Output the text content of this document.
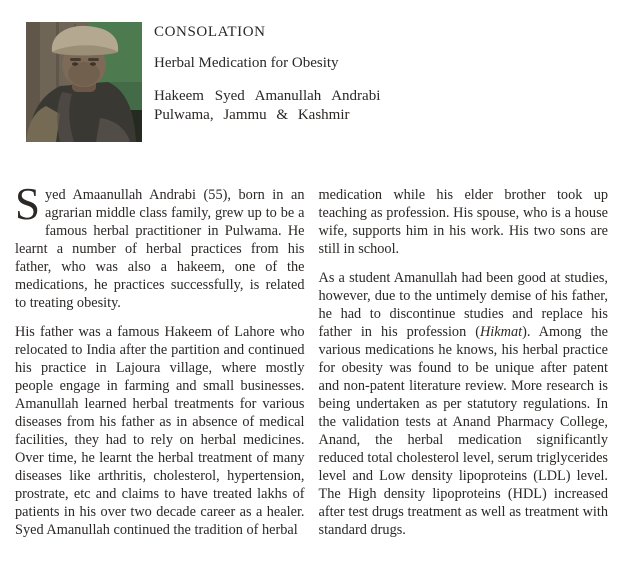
CONSOLATION
Herbal Medication for Obesity
Hakeem Syed Amanullah Andrabi
Pulwama, Jammu & Kashmir

Syed Amaanullah Andrabi (55), born in an agrarian middle class family, grew up to be a famous herbal practitioner in Pulwama. He learnt a number of herbal practices from his father, who was also a hakeem, one of the medications, he practices successfully, is related to treating obesity.

His father was a famous Hakeem of Lahore who relocated to India after the partition and continued his practice in Lajoura village, where mostly people engage in farming and small businesses. Amanullah learned herbal treatments for various diseases from his father as in absence of medical facilities, they had to rely on herbal medicines. Over time, he learnt the herbal treatment of many diseases like arthritis, cholesterol, hypertension, prostrate, etc and claims to have treated lakhs of patients in his over two decade career as a healer. Syed Amanullah continued the tradition of herbal

medication while his elder brother took up teaching as profession. His spouse, who is a house wife, supports him in his work. His two sons are still in school.

As a student Amanullah had been good at studies, however, due to the untimely demise of his father, he had to discontinue studies and replace his father in his profession (Hikmat). Among the various medications he knows, his herbal practice for obesity was found to be unique after patent and non-patent literature review. More research is being undertaken as per statutory regulations. In the validation tests at Anand Pharmacy College, Anand, the herbal medication significantly reduced total cholesterol level, serum triglycerides level and Low density lipoproteins (LDL) level. The High density lipoproteins (HDL) increased after test drugs treatment as well as treatment with standard drugs.
